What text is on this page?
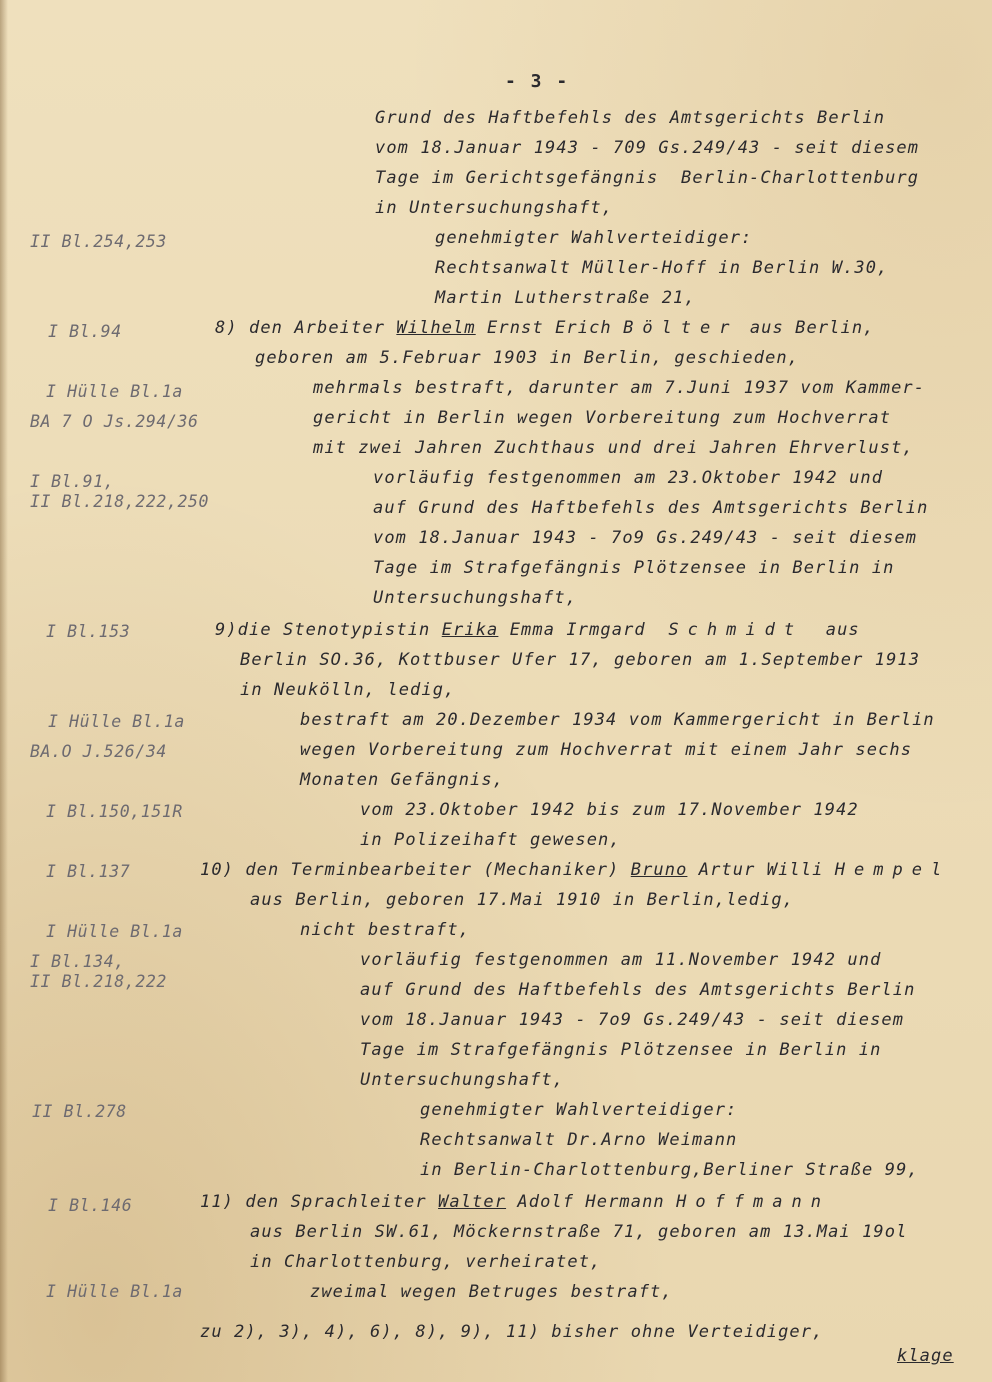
- 3 -
Grund des Haftbefehls des Amtsgerichts Berlin
vom 18.Januar 1943 - 709 Gs.249/43 - seit diesem
Tage im Gerichtsgefängnis  Berlin-Charlottenburg
in Untersuchungshaft,
genehmigter Wahlverteidiger:
Rechtsanwalt Müller-Hoff in Berlin W.30,
Martin Lutherstraße 21,
8) den Arbeiter Wilhelm Ernst Erich Bölter aus Berlin,
geboren am 5.Februar 1903 in Berlin, geschieden,
mehrmals bestraft, darunter am 7.Juni 1937 vom Kammer-
gericht in Berlin wegen Vorbereitung zum Hochverrat
mit zwei Jahren Zuchthaus und drei Jahren Ehrverlust,
vorläufig festgenommen am 23.Oktober 1942 und
auf Grund des Haftbefehls des Amtsgerichts Berlin
vom 18.Januar 1943 - 7o9 Gs.249/43 - seit diesem
Tage im Strafgefängnis Plötzensee in Berlin in
Untersuchungshaft,
9)die Stenotypistin Erika Emma Irmgard  Schmidt  aus
Berlin SO.36, Kottbuser Ufer 17, geboren am 1.September 1913
in Neukölln, ledig,
bestraft am 20.Dezember 1934 vom Kammergericht in Berlin
wegen Vorbereitung zum Hochverrat mit einem Jahr sechs
Monaten Gefängnis,
vom 23.Oktober 1942 bis zum 17.November 1942
in Polizeihaft gewesen,
10) den Terminbearbeiter (Mechaniker) Bruno Artur Willi Hempel
aus Berlin, geboren 17.Mai 1910 in Berlin,ledig,
nicht bestraft,
vorläufig festgenommen am 11.November 1942 und
auf Grund des Haftbefehls des Amtsgerichts Berlin
vom 18.Januar 1943 - 7o9 Gs.249/43 - seit diesem
Tage im Strafgefängnis Plötzensee in Berlin in
Untersuchungshaft,
genehmigter Wahlverteidiger:
Rechtsanwalt Dr.Arno Weimann
in Berlin-Charlottenburg,Berliner Straße 99,
11) den Sprachleiter Walter Adolf Hermann Hoffmann
aus Berlin SW.61, Möckernstraße 71, geboren am 13.Mai 19ol
in Charlottenburg, verheiratet,
zweimal wegen Betruges bestraft,
zu 2), 3), 4), 6), 8), 9), 11) bisher ohne Verteidiger,
klage
II Bl.254,253
I Bl.94
I Hülle Bl.1a
BA 7 O Js.294/36
I Bl.91,
II Bl.218,222,250
I Bl.153
I Hülle Bl.1a
BA.O J.526/34
I Bl.150,151R
I Bl.137
I Hülle Bl.1a
I Bl.134,
II Bl.218,222
II Bl.278
I Bl.146
I Hülle Bl.1a
